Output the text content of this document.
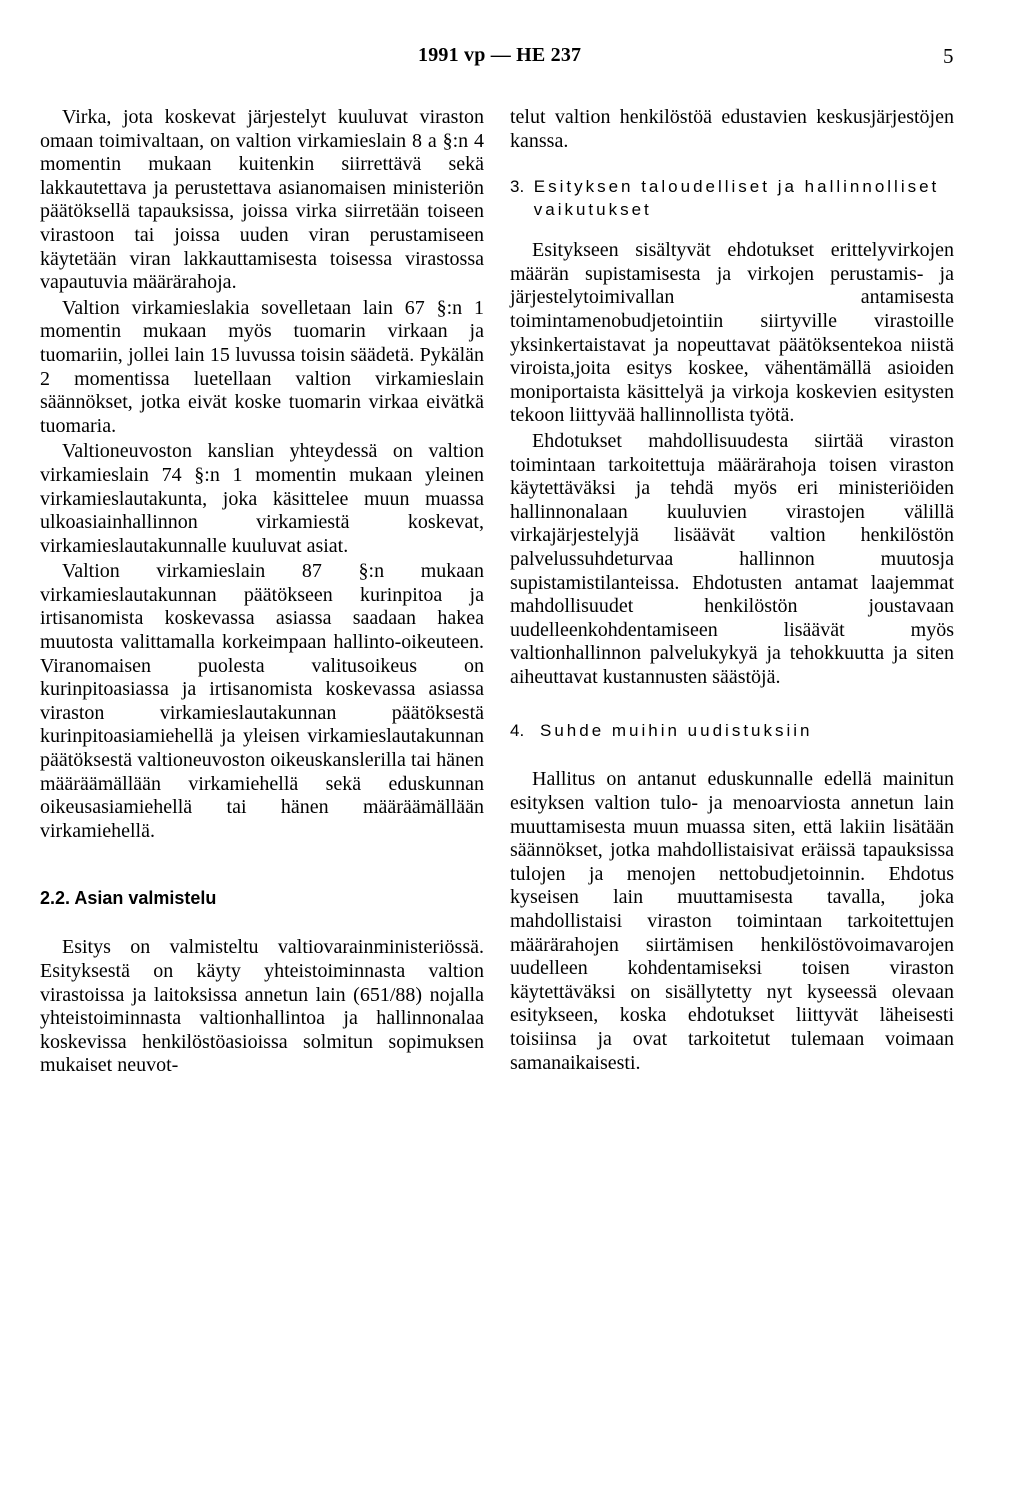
1991 vp — HE 237	5

Virka, jota koskevat järjestelyt kuuluvat viraston omaan toimivaltaan, on valtion virkamieslain 8 a §:n 4 momentin mukaan kuitenkin siirrettävä sekä lakkautettava ja perustettava asianomaisen ministeriön päätöksellä tapauksissa, joissa virka siirretään toiseen virastoon tai joissa uuden viran perustamiseen käytetään viran lakkauttamisesta toisessa virastossa vapautuvia määrärahoja.

Valtion virkamieslakia sovelletaan lain 67 §:n 1 momentin mukaan myös tuomarin virkaan ja tuomariin, jollei lain 15 luvussa toisin säädetä. Pykälän 2 momentissa luetellaan valtion virkamieslain säännökset, jotka eivät koske tuomarin virkaa eivätkä tuomaria.

Valtioneuvoston kanslian yhteydessä on valtion virkamieslain 74 §:n 1 momentin mukaan yleinen virkamieslautakunta, joka käsittelee muun muassa ulkoasiainhallinnon virkamiestä koskevat, virkamieslautakunnalle kuuluvat asiat.

Valtion virkamieslain 87 §:n mukaan virkamieslautakunnan päätökseen kurinpitoa ja irtisanomista koskevassa asiassa saadaan hakea muutosta valittamalla korkeimpaan hallinto-oikeuteen. Viranomaisen puolesta valitusoikeus on kurinpitoasiassa ja irtisanomista koskevassa asiassa viraston virkamieslautakunnan päätöksestä kurinpitoasiamiehellä ja yleisen virkamieslautakunnan päätöksestä valtioneuvoston oikeuskanslerilla tai hänen määräämällään virkamiehellä sekä eduskunnan oikeusasiamiehellä tai hänen määräämällään virkamiehellä.

2.2. Asian valmistelu

Esitys on valmisteltu valtiovarainministeriössä. Esityksestä on käyty yhteistoiminnasta valtion virastoissa ja laitoksissa annetun lain (651/88) nojalla yhteistoiminnasta valtionhallintoa ja hallinnonalaa koskevissa henkilöstöasioissa solmitun sopimuksen mukaiset neuvot-

telut valtion henkilöstöä edustavien keskusjärjestöjen kanssa.

3. Esityksen taloudelliset ja hallinnolliset vaikutukset

Esitykseen sisältyvät ehdotukset erittelyvirkojen määrän supistamisesta ja virkojen perustamis- ja järjestelytoimivallan antamisesta toimintamenobudjetointiin siirtyville virastoille yksinkertaistavat ja nopeuttavat päätöksentekoa niistä viroista,joita esitys koskee, vähentämällä asioiden moniportaista käsittelyä ja virkoja koskevien esitysten tekoon liittyvää hallinnollista työtä.

Ehdotukset mahdollisuudesta siirtää viraston toimintaan tarkoitettuja määrärahoja toisen viraston käytettäväksi ja tehdä myös eri ministeriöiden hallinnonalaan kuuluvien virastojen välillä virkajärjestelyjä lisäävät valtion henkilöstön palvelussuhdeturvaa hallinnon muutosja supistamistilanteissa. Ehdotusten antamat laajemmat mahdollisuudet henkilöstön joustavaan uudelleenkohdentamiseen lisäävät myös valtionhallinnon palvelukykyä ja tehokkuutta ja siten aiheuttavat kustannusten säästöjä.

4. Suhde muihin uudistuksiin

Hallitus on antanut eduskunnalle edellä mainitun esityksen valtion tulo- ja menoarviosta annetun lain muuttamisesta muun muassa siten, että lakiin lisätään säännökset, jotka mahdollistaisivat eräissä tapauksissa tulojen ja menojen nettobudjetoinnin. Ehdotus kyseisen lain muuttamisesta tavalla, joka mahdollistaisi viraston toimintaan tarkoitettujen määrärahojen siirtämisen henkilöstövoimavarojen uudelleen kohdentamiseksi toisen viraston käytettäväksi on sisällytetty nyt kyseessä olevaan esitykseen, koska ehdotukset liittyvät läheisesti toisiinsa ja ovat tarkoitetut tulemaan voimaan samanaikaisesti.
